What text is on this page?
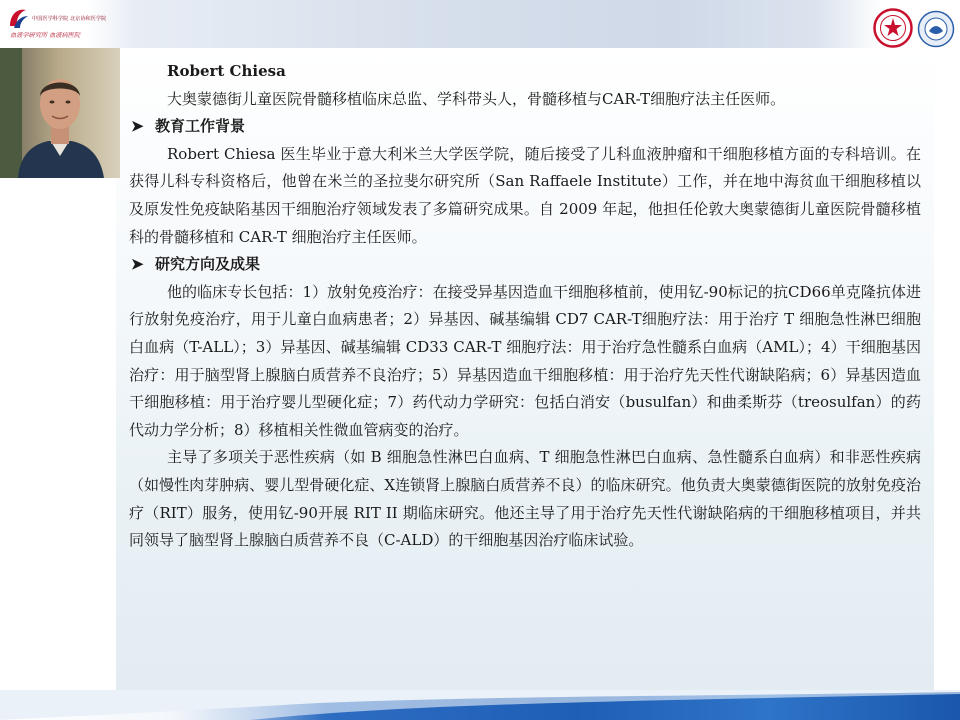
中国医学科学院 北京协和医学院
血液学研究所 血液病医院
Robert Chiesa
大奥蒙德街儿童医院骨髓移植临床总监、学科带头人，骨髓移植与CAR-T细胞疗法主任医师。
➤ 教育工作背景
Robert Chiesa 医生毕业于意大利米兰大学医学院，随后接受了儿科血液肿瘤和干细胞移植方面的专科培训。在获得儿科专科资格后，他曾在米兰的圣拉斐尔研究所（San Raffaele Institute）工作，并在地中海贫血干细胞移植以及原发性免疫缺陷基因干细胞治疗领域发表了多篇研究成果。自 2009 年起，他担任伦敦大奥蒙德街儿童医院骨髓移植科的骨髓移植和 CAR-T 细胞治疗主任医师。
➤ 研究方向及成果
他的临床专长包括：1）放射免疫治疗：在接受异基因造血干细胞移植前，使用钇-90标记的抗CD66单克隆抗体进行放射免疫治疗，用于儿童白血病患者；2）异基因、碱基编辑 CD7 CAR-T细胞疗法：用于治疗 T 细胞急性淋巴细胞白血病（T-ALL）；3）异基因、碱基编辑 CD33 CAR-T 细胞疗法：用于治疗急性髓系白血病（AML）；4）干细胞基因治疗：用于脑型肾上腺脑白质营养不良治疗；5）异基因造血干细胞移植：用于治疗先天性代谢缺陷病；6）异基因造血干细胞移植：用于治疗婴儿型硬化症；7）药代动力学研究：包括白消安（busulfan）和曲柔斯芬（treosulfan）的药代动力学分析；8）移植相关性微血管病变的治疗。
主导了多项关于恶性疾病（如 B 细胞急性淋巴白血病、T 细胞急性淋巴白血病、急性髓系白血病）和非恶性疾病（如慢性肉芽肿病、婴儿型骨硬化症、X连锁肾上腺脑白质营养不良）的临床研究。他负责大奥蒙德街医院的放射免疫治疗（RIT）服务，使用钇-90开展 RIT II 期临床研究。他还主导了用于治疗先天性代谢缺陷病的干细胞移植项目，并共同领导了脑型肾上腺脑白质营养不良（C-ALD）的干细胞基因治疗临床试验。
